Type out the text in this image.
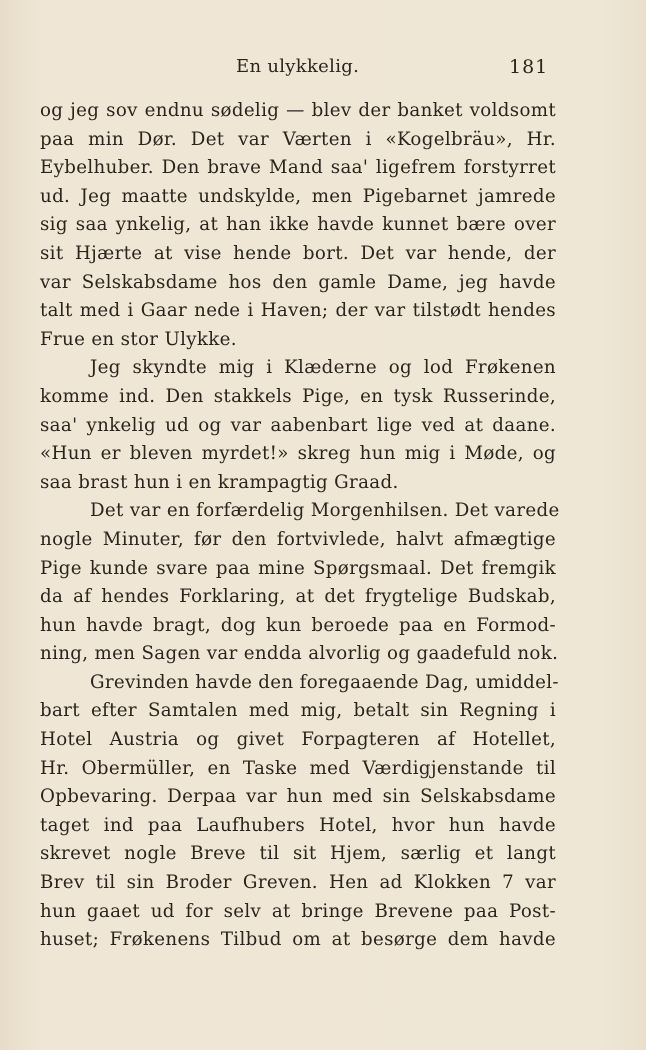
En ulykkelig.	181
og jeg sov endnu sødelig — blev der banket voldsomt
paa min Dør. Det var Værten i «Kogelbräu», Hr.
Eybelhuber. Den brave Mand saa' ligefrem forstyrret
ud. Jeg maatte undskylde, men Pigebarnet jamrede
sig saa ynkelig, at han ikke havde kunnet bære over
sit Hjærte at vise hende bort. Det var hende, der
var Selskabsdame hos den gamle Dame, jeg havde
talt med i Gaar nede i Haven; der var tilstødt hendes
Frue en stor Ulykke.
Jeg skyndte mig i Klæderne og lod Frøkenen
komme ind. Den stakkels Pige, en tysk Russerinde,
saa' ynkelig ud og var aabenbart lige ved at daane.
«Hun er bleven myrdet!» skreg hun mig i Møde, og
saa brast hun i en krampagtig Graad.
Det var en forfærdelig Morgenhilsen. Det varede
nogle Minuter, før den fortvivlede, halvt afmægtige
Pige kunde svare paa mine Spørgsmaal. Det fremgik
da af hendes Forklaring, at det frygtelige Budskab,
hun havde bragt, dog kun beroede paa en Formod-
ning, men Sagen var endda alvorlig og gaadefuld nok.
Grevinden havde den foregaaende Dag, umiddel-
bart efter Samtalen med mig, betalt sin Regning i
Hotel Austria og givet Forpagteren af Hotellet,
Hr. Obermüller, en Taske med Værdigjenstande til
Opbevaring. Derpaa var hun med sin Selskabsdame
taget ind paa Laufhubers Hotel, hvor hun havde
skrevet nogle Breve til sit Hjem, særlig et langt
Brev til sin Broder Greven. Hen ad Klokken 7 var
hun gaaet ud for selv at bringe Brevene paa Post-
huset; Frøkenens Tilbud om at besørge dem havde
